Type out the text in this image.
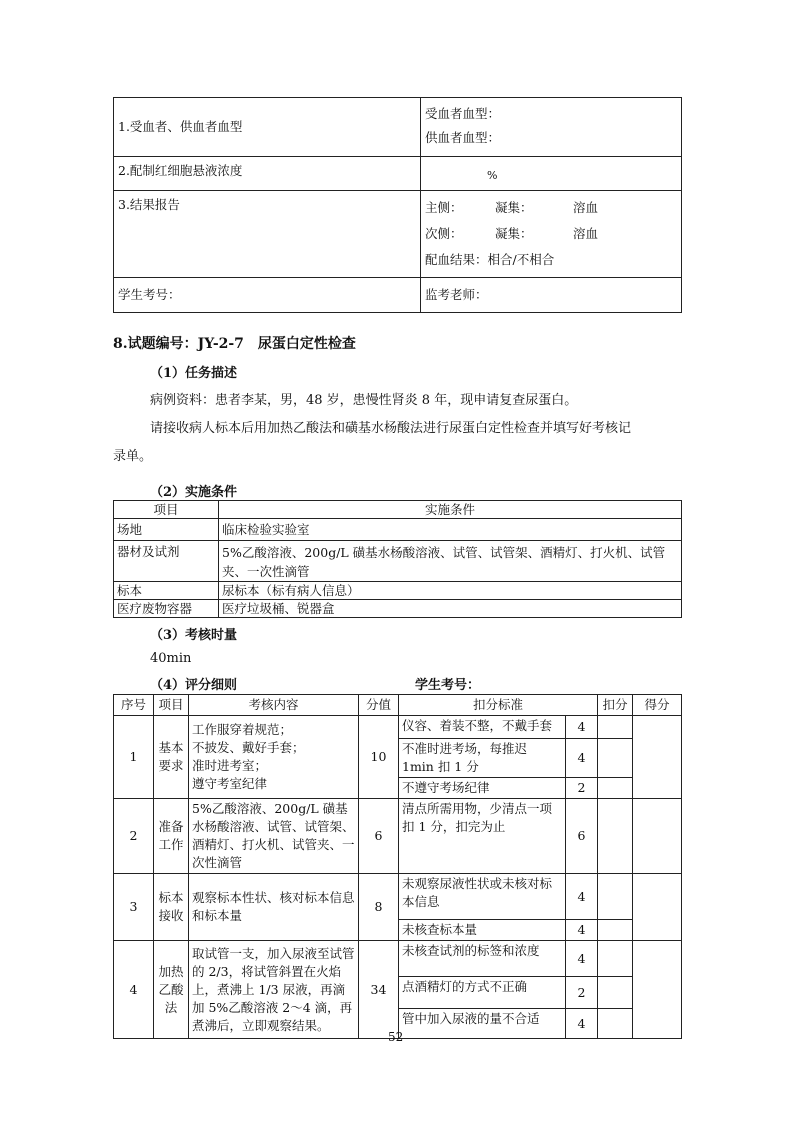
1.受血者、供血者血型	受血者血型：
供血者血型：

2.配制红细胞悬液浓度	%
3.结果报告	主侧： 凝集： 溶血
次侧： 凝集： 溶血
配血结果：相合/不相合

学生考号：	监考老师：
8.试题编号：JY-2-7　尿蛋白定性检查
（1）任务描述
病例资料：患者李某，男，48 岁，患慢性肾炎 8 年，现申请复查尿蛋白。
请接收病人标本后用加热乙酸法和磺基水杨酸法进行尿蛋白定性检查并填写好考核记
录单。
（2）实施条件
项目	实施条件
场地	临床检验实验室
器材及试剂	5%乙酸溶液、200g/L 磺基水杨酸溶液、试管、试管架、酒精灯、打火机、试管夹、一次性滴管
标本	尿标本（标有病人信息）
医疗废物容器	医疗垃圾桶、锐器盒
（3）考核时量
40min
（4）评分细则	学生考号：
序号	项目	考核内容	分值	扣分标准		扣分	得分
1	基本要求	工作服穿着规范；
不披发、戴好手套；
准时进考室；
遵守考室纪律	10	仪容、着装不整，不戴手套	4		
				不准时进考场，每推迟 1min 扣 1 分	4		
				不遵守考场纪律	2		
2	准备工作	5%乙酸溶液、200g/L 磺基水杨酸溶液、试管、试管架、酒精灯、打火机、试管夹、一次性滴管	6	清点所需用物，少清点一项扣 1 分，扣完为止	6		
3	标本接收	观察标本性状、核对标本信息和标本量	8	未观察尿液性状或未核对标本信息	4		
				未核查标本量	4		
4	加热乙酸法	取试管一支，加入尿液至试管的 2/3，将试管斜置在火焰上，煮沸上 1/3 尿液，再滴加 5%乙酸溶液 2～4 滴，再煮沸后，立即观察结果。	34	未核查试剂的标签和浓度	4		
				点酒精灯的方式不正确	2		
				管中加入尿液的量不合适	4		
52
